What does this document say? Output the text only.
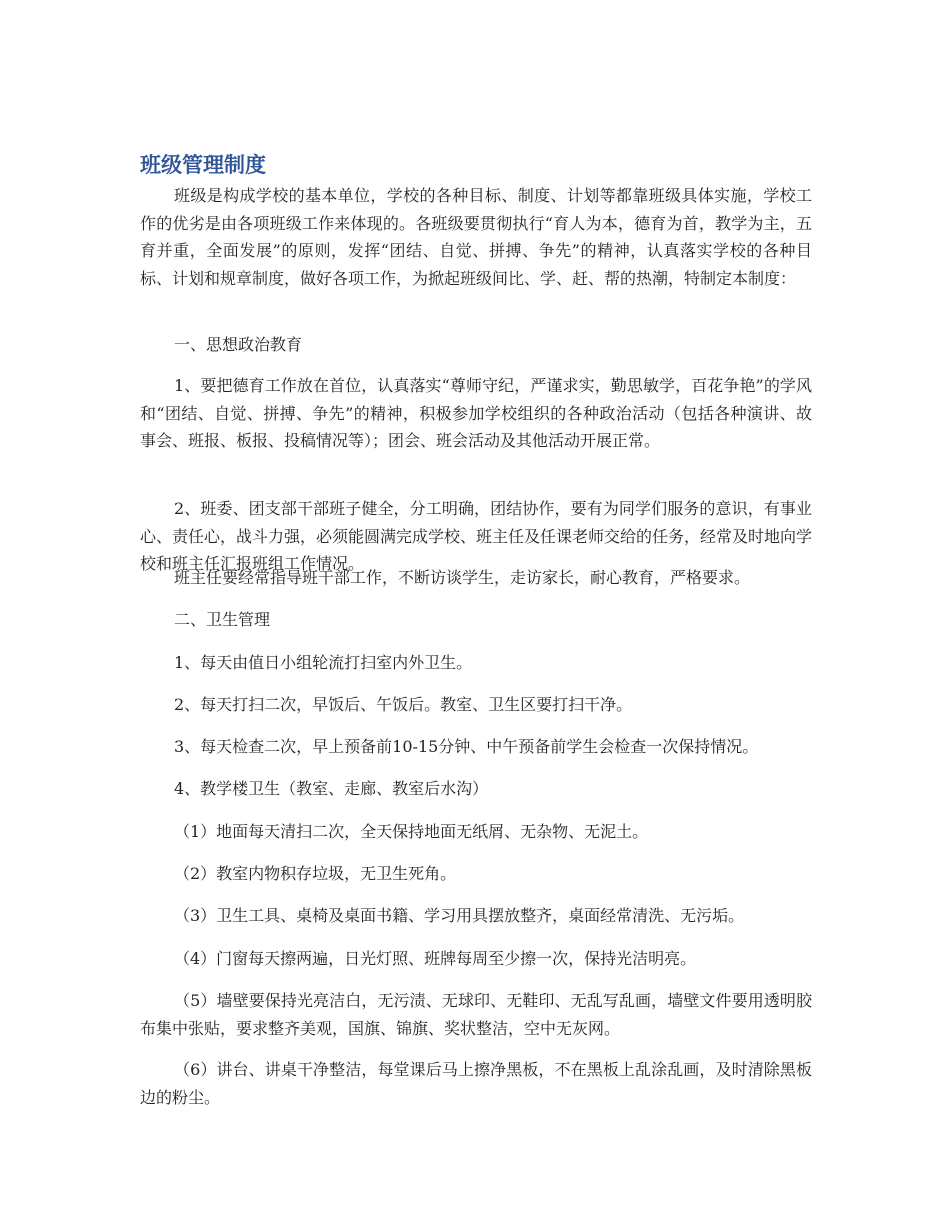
班级管理制度

班级是构成学校的基本单位，学校的各种目标、制度、计划等都靠班级具体实施，学校工作的优劣是由各项班级工作来体现的。各班级要贯彻执行“育人为本，德育为首，教学为主，五育并重，全面发展”的原则，发挥“团结、自觉、拼搏、争先”的精神，认真落实学校的各种目标、计划和规章制度，做好各项工作，为掀起班级间比、学、赶、帮的热潮，特制定本制度：

一、思想政治教育

1、要把德育工作放在首位，认真落实“尊师守纪，严谨求实，勤思敏学，百花争艳”的学风和“团结、自觉、拼搏、争先”的精神，积极参加学校组织的各种政治活动（包括各种演讲、故事会、班报、板报、投稿情况等）；团会、班会活动及其他活动开展正常。

2、班委、团支部干部班子健全，分工明确，团结协作，要有为同学们服务的意识，有事业心、责任心，战斗力强，必须能圆满完成学校、班主任及任课老师交给的任务，经常及时地向学校和班主任汇报班组工作情况。

班主任要经常指导班干部工作，不断访谈学生，走访家长，耐心教育，严格要求。

二、卫生管理

1、每天由值日小组轮流打扫室内外卫生。

2、每天打扫二次，早饭后、午饭后。教室、卫生区要打扫干净。

3、每天检查二次，早上预备前10-15分钟、中午预备前学生会检查一次保持情况。

4、教学楼卫生（教室、走廊、教室后水沟）

（1）地面每天清扫二次，全天保持地面无纸屑、无杂物、无泥土。

（2）教室内物积存垃圾，无卫生死角。

（3）卫生工具、桌椅及桌面书籍、学习用具摆放整齐，桌面经常清洗、无污垢。

（4）门窗每天擦两遍，日光灯照、班牌每周至少擦一次，保持光洁明亮。

（5）墙壁要保持光亮洁白，无污渍、无球印、无鞋印、无乱写乱画，墙壁文件要用透明胶布集中张贴，要求整齐美观，国旗、锦旗、奖状整洁，空中无灰网。

（6）讲台、讲桌干净整洁，每堂课后马上擦净黑板，不在黑板上乱涂乱画，及时清除黑板边的粉尘。
